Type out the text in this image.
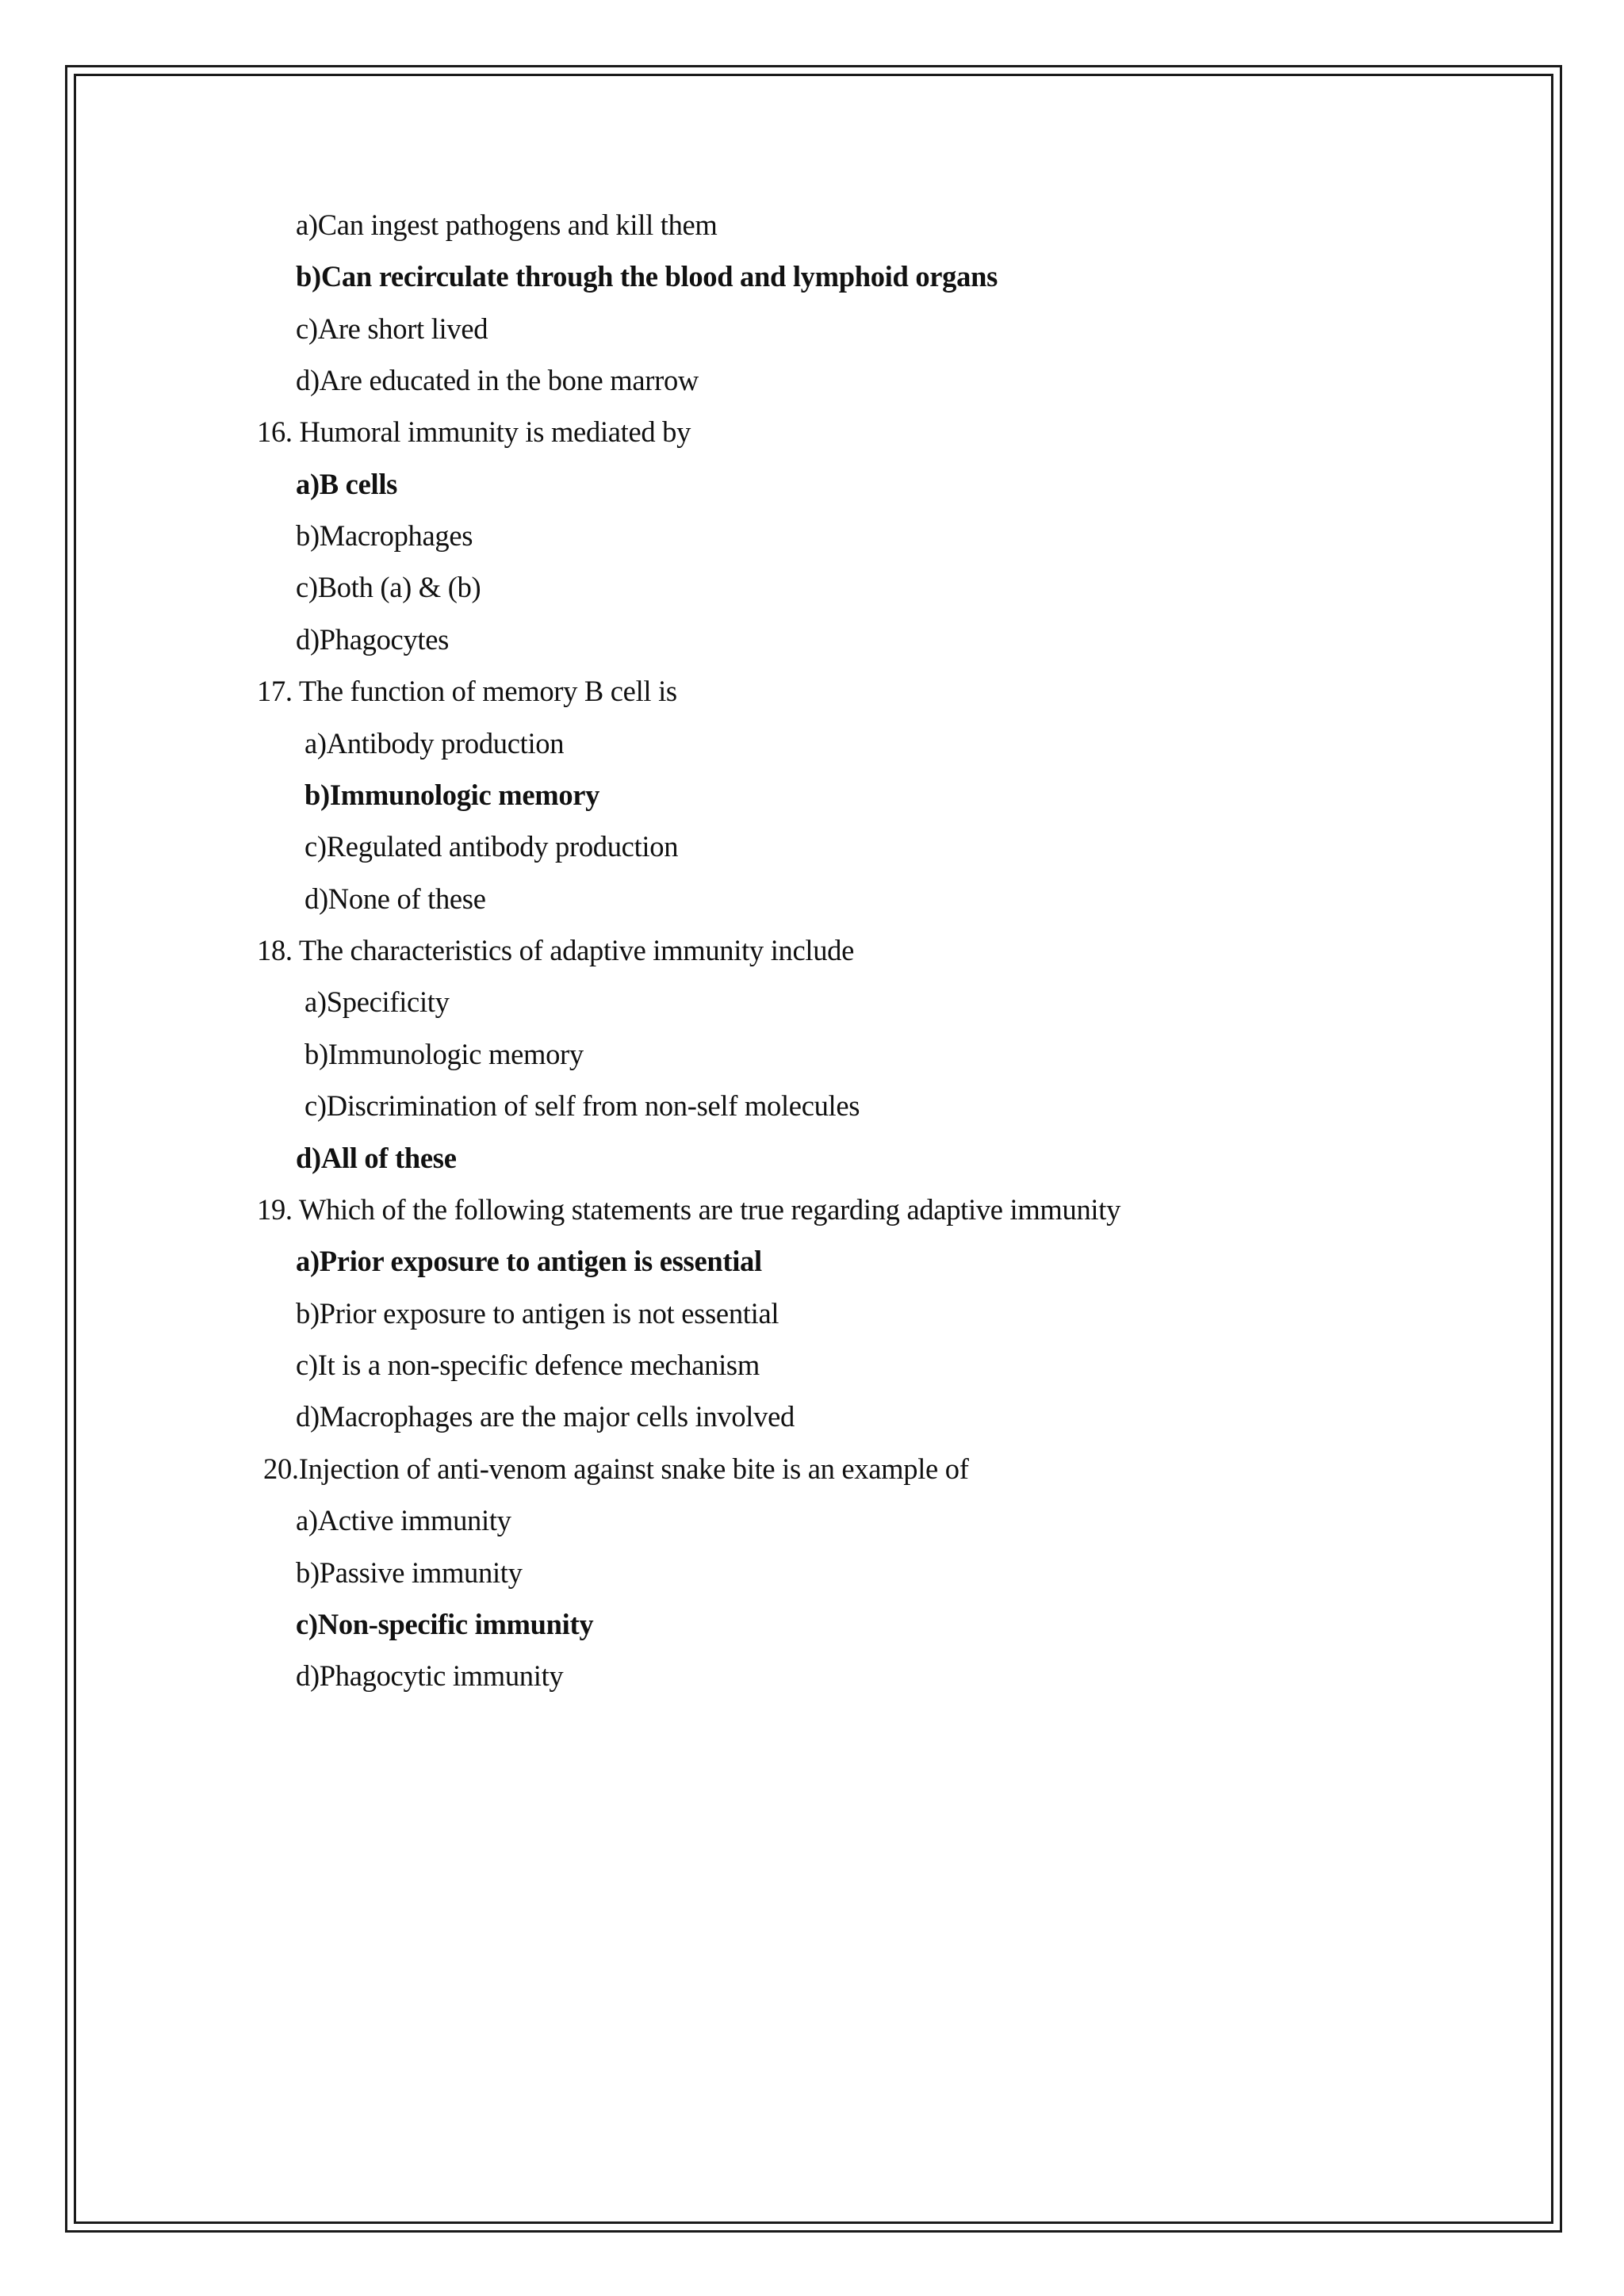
a)Can ingest pathogens and kill them
b)Can recirculate through the blood and lymphoid organs
c)Are short lived
d)Are educated in the bone marrow
16. Humoral immunity is mediated by
a)B cells
b)Macrophages
c)Both (a) & (b)
d)Phagocytes
17. The function of memory B cell is
a)Antibody production
b)Immunologic memory
c)Regulated antibody production
d)None of these
18. The characteristics of adaptive immunity include
a)Specificity
b)Immunologic memory
c)Discrimination of self from non-self molecules
d)All of these
19. Which of the following statements are true regarding adaptive immunity
a)Prior exposure to antigen is essential
b)Prior exposure to antigen is not essential
c)It is a non-specific defence mechanism
d)Macrophages are the major cells involved
20.Injection of anti-venom against snake bite is an example of
a)Active immunity
b)Passive immunity
c)Non-specific immunity
d)Phagocytic immunity
